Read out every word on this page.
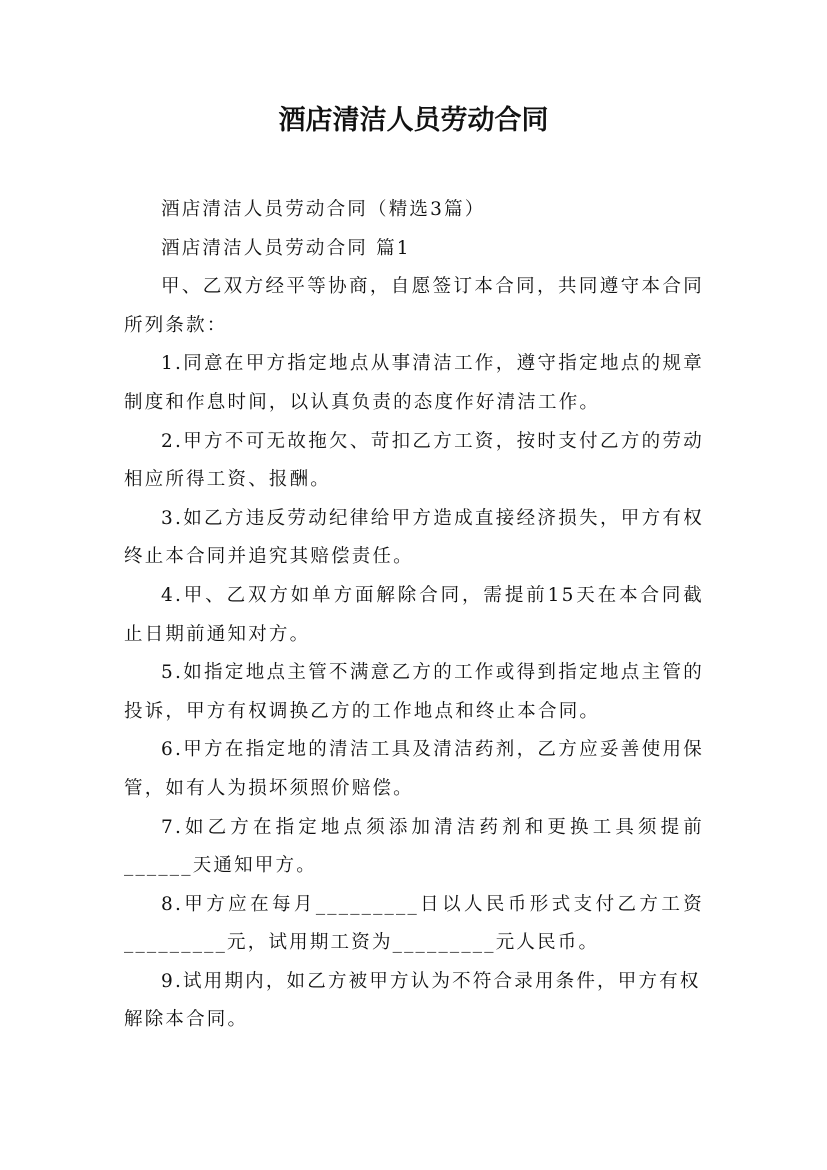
酒店清洁人员劳动合同

酒店清洁人员劳动合同（精选3篇）

酒店清洁人员劳动合同 篇1

甲、乙双方经平等协商，自愿签订本合同，共同遵守本合同所列条款：

1.同意在甲方指定地点从事清洁工作，遵守指定地点的规章制度和作息时间，以认真负责的态度作好清洁工作。

2.甲方不可无故拖欠、苛扣乙方工资，按时支付乙方的劳动相应所得工资、报酬。

3.如乙方违反劳动纪律给甲方造成直接经济损失，甲方有权终止本合同并追究其赔偿责任。

4.甲、乙双方如单方面解除合同，需提前15天在本合同截止日期前通知对方。

5.如指定地点主管不满意乙方的工作或得到指定地点主管的投诉，甲方有权调换乙方的工作地点和终止本合同。

6.甲方在指定地的清洁工具及清洁药剂，乙方应妥善使用保管，如有人为损坏须照价赔偿。

7.如乙方在指定地点须添加清洁药剂和更换工具须提前______天通知甲方。

8.甲方应在每月_________日以人民币形式支付乙方工资_________元，试用期工资为_________元人民币。

9.试用期内，如乙方被甲方认为不符合录用条件，甲方有权解除本合同。
